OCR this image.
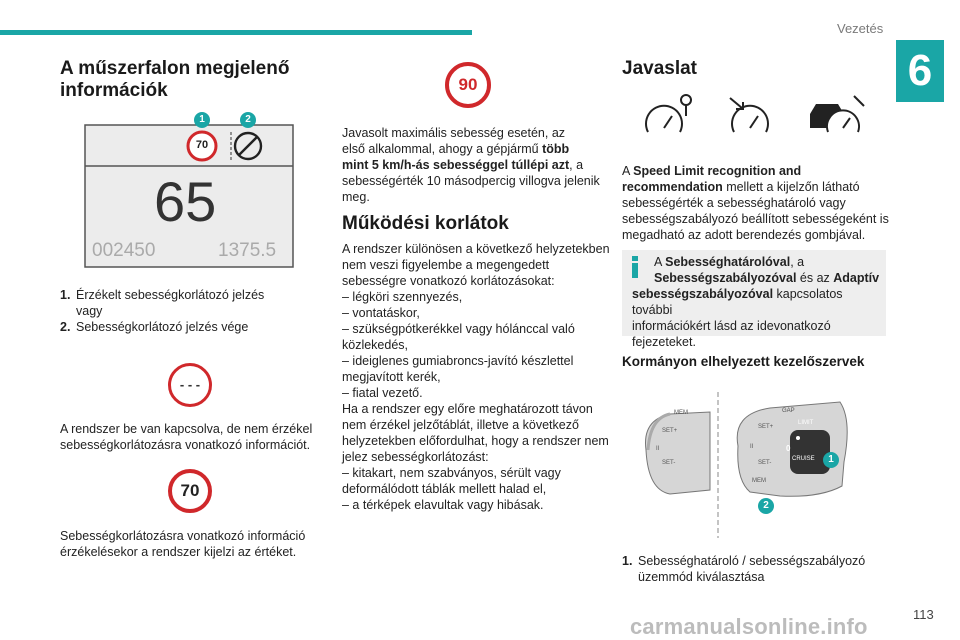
Vezetés
6
A műszerfalon megjelenő
információk
70
1	2
65
002450	1375.5
1. Érzékelt sebességkorlátozó jelzés
vagy
2. Sebességkorlátozó jelzés vége
- - -
A rendszer be van kapcsolva, de nem érzékel
sebességkorlátozásra vonatkozó információt.
70
Sebességkorlátozásra vonatkozó információ
érzékelésekor a rendszer kijelzi az értéket.
90
Javasolt maximális sebesség esetén, az
első alkalommal, ahogy a gépjármű több
mint 5 km/h-ás sebességgel túllépi azt, a
sebességérték 10 másodpercig villogva jelenik
meg.
Működési korlátok
A rendszer különösen a következő helyzetekben
nem veszi figyelembe a megengedett
sebességre vonatkozó korlátozásokat:
– légköri szennyezés,
– vontatáskor,
– szükségpótkerékkel vagy hólánccal való
közlekedés,
– ideiglenes gumiabroncs-javító készlettel
megjavított kerék,
– fiatal vezető.
Ha a rendszer egy előre meghatározott távon
nem érzékel jelzőtáblát, illetve a következő
helyzetekben előfordulhat, hogy a rendszer nem
jelez sebességkorlátozást:
– kitakart, nem szabványos, sérült vagy
deformálódott táblák mellett halad el,
– a térképek elavultak vagy hibásak.
Javaslat
A Speed Limit recognition and
recommendation mellett a kijelzőn látható
sebességérték a sebességhatároló vagy
sebességszabályozó beállított sebességeként is
megadható az adott berendezés gombjával.
A Sebességhatárolóval, a
Sebességszabályozóval és az Adaptív
sebességszabályozóval kapcsolatos további
információkért lásd az idevonatkozó
fejezeteket.
Kormányon elhelyezett kezelőszervek
SET+
SET-
MEM
II
GAP
LIMIT
CRUISE
SET+
SET-
MEM
0
II
1
2
1. Sebességhatároló / sebességszabályozó
üzemmód kiválasztása
carmanualsonline.info	113
